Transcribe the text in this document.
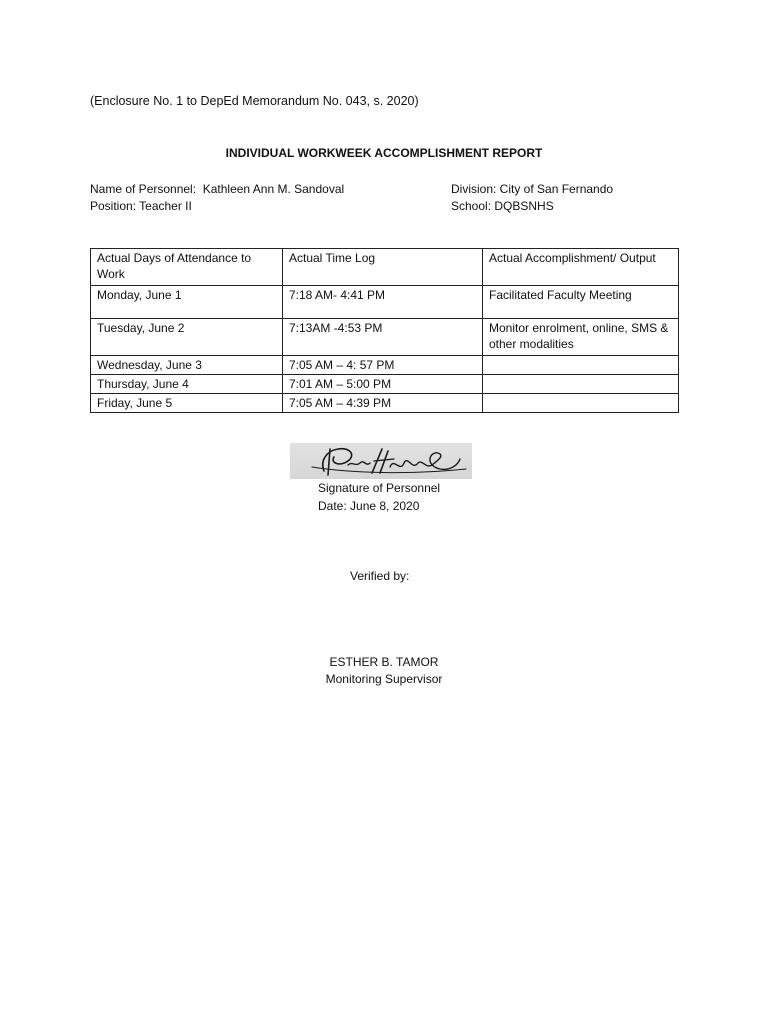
(Enclosure No. 1 to DepEd Memorandum No. 043, s. 2020)
INDIVIDUAL WORKWEEK ACCOMPLISHMENT REPORT
Name of Personnel:  Kathleen Ann M. Sandoval
Position: Teacher II
Division: City of San Fernando
School: DQBSNHS
Actual Days of Attendance to Work	Actual Time Log	Actual Accomplishment/ Output
Monday, June 1	7:18 AM- 4:41 PM	Facilitated Faculty Meeting
Tuesday, June 2	7:13AM -4:53 PM	Monitor enrolment, online, SMS & other modalities
Wednesday, June 3	7:05 AM – 4: 57 PM	
Thursday, June 4	7:01 AM – 5:00 PM	
Friday, June 5	7:05 AM – 4:39 PM	
Signature of Personnel
Date: June 8, 2020
Verified by:
ESTHER B. TAMOR
Monitoring Supervisor
